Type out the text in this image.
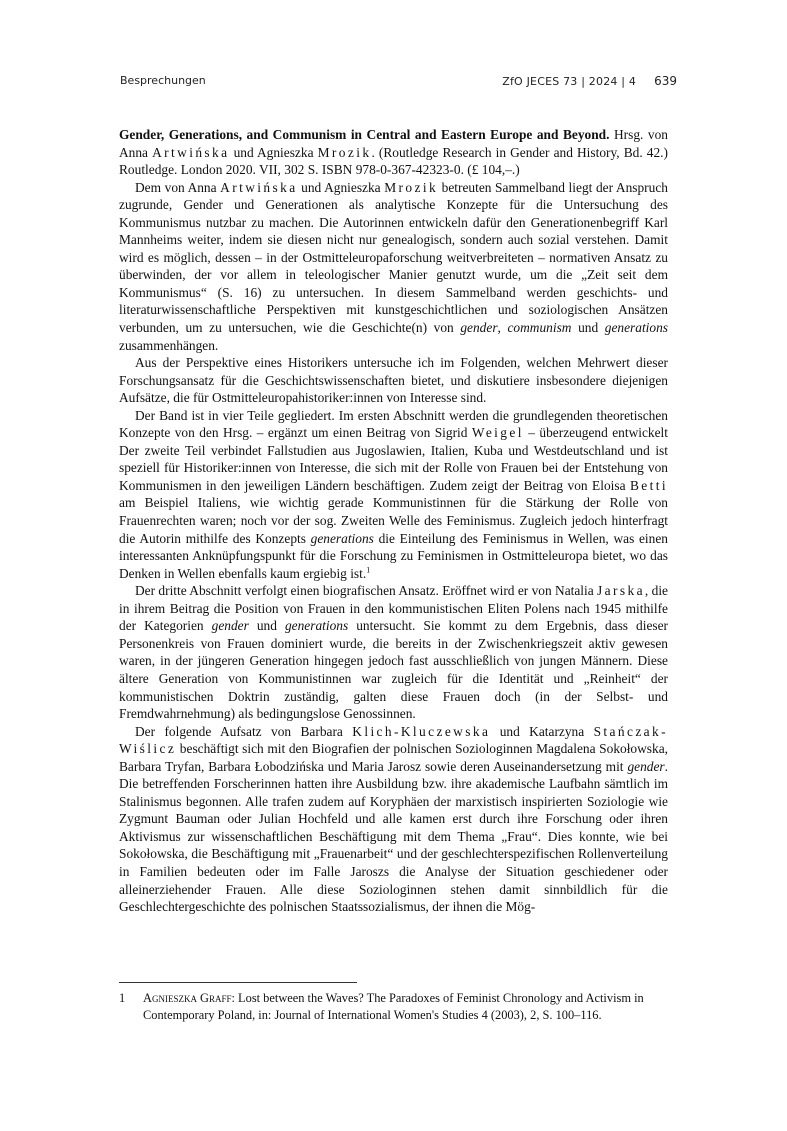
Besprechungen	ZfO JECES 73 | 2024 | 4 639

Gender, Generations, and Communism in Central and Eastern Europe and Beyond. Hrsg. von Anna Artwińska und Agnieszka Mrozik. (Routledge Research in Gender and History, Bd. 42.) Routledge. London 2020. VII, 302 S. ISBN 978-0-367-42323-0. (£ 104,–.)

Dem von Anna Artwińska und Agnieszka Mrozik betreuten Sammelband liegt der Anspruch zugrunde, Gender und Generationen als analytische Konzepte für die Untersuchung des Kommunismus nutzbar zu machen. Die Autorinnen entwickeln dafür den Generationenbegriff Karl Mannheims weiter, indem sie diesen nicht nur genealogisch, sondern auch sozial verstehen. Damit wird es möglich, dessen – in der Ostmitteleuropaforschung weitverbreiteten – normativen Ansatz zu überwinden, der vor allem in teleologischer Manier genutzt wurde, um die „Zeit seit dem Kommunismus“ (S. 16) zu untersuchen. In diesem Sammelband werden geschichts- und literaturwissenschaftliche Perspektiven mit kunstgeschichtlichen und soziologischen Ansätzen verbunden, um zu untersuchen, wie die Geschichte(n) von gender, communism und generations zusammenhängen.

Aus der Perspektive eines Historikers untersuche ich im Folgenden, welchen Mehrwert dieser Forschungsansatz für die Geschichtswissenschaften bietet, und diskutiere insbesondere diejenigen Aufsätze, die für Ostmitteleuropahistoriker:innen von Interesse sind.

Der Band ist in vier Teile gegliedert. Im ersten Abschnitt werden die grundlegenden theoretischen Konzepte von den Hrsg. – ergänzt um einen Beitrag von Sigrid Weigel – überzeugend entwickelt Der zweite Teil verbindet Fallstudien aus Jugoslawien, Italien, Kuba und Westdeutschland und ist speziell für Historiker:innen von Interesse, die sich mit der Rolle von Frauen bei der Entstehung von Kommunismen in den jeweiligen Ländern beschäftigen. Zudem zeigt der Beitrag von Eloisa Betti am Beispiel Italiens, wie wichtig gerade Kommunistinnen für die Stärkung der Rolle von Frauenrechten waren; noch vor der sog. Zweiten Welle des Feminismus. Zugleich jedoch hinterfragt die Autorin mithilfe des Konzepts generations die Einteilung des Feminismus in Wellen, was einen interessanten Anknüpfungspunkt für die Forschung zu Feminismen in Ostmitteleuropa bietet, wo das Denken in Wellen ebenfalls kaum ergiebig ist.$^1$

Der dritte Abschnitt verfolgt einen biografischen Ansatz. Eröffnet wird er von Natalia Jarska, die in ihrem Beitrag die Position von Frauen in den kommunistischen Eliten Polens nach 1945 mithilfe der Kategorien gender und generations untersucht. Sie kommt zu dem Ergebnis, dass dieser Personenkreis von Frauen dominiert wurde, die bereits in der Zwischenkriegszeit aktiv gewesen waren, in der jüngeren Generation hingegen jedoch fast ausschließlich von jungen Männern. Diese ältere Generation von Kommunistinnen war zugleich für die Identität und „Reinheit“ der kommunistischen Doktrin zuständig, galten diese Frauen doch (in der Selbst- und Fremdwahrnehmung) als bedingungslose Genossinnen.

Der folgende Aufsatz von Barbara Klich-Kluczewska und Katarzyna Stańczak-Wiślicz beschäftigt sich mit den Biografien der polnischen Soziologinnen Magdalena Sokołowska, Barbara Tryfan, Barbara Łobodzińska und Maria Jarosz sowie deren Auseinandersetzung mit gender. Die betreffenden Forscherinnen hatten ihre Ausbildung bzw. ihre akademische Laufbahn sämtlich im Stalinismus begonnen. Alle trafen zudem auf Koryphäen der marxistisch inspirierten Soziologie wie Zygmunt Bauman oder Julian Hochfeld und alle kamen erst durch ihre Forschung oder ihren Aktivismus zur wissenschaftlichen Beschäftigung mit dem Thema „Frau“. Dies konnte, wie bei Sokołowska, die Beschäftigung mit „Frauenarbeit“ und der geschlechterspezifischen Rollenverteilung in Familien bedeuten oder im Falle Jaroszs die Analyse der Situation geschiedener oder alleinerziehender Frauen. Alle diese Soziologinnen stehen damit sinnbildlich für die Geschlechtergeschichte des polnischen Staatssozialismus, der ihnen die Mög-

1	Agnieszka Graff: Lost between the Waves? The Paradoxes of Feminist Chronology and Activism in Contemporary Poland, in: Journal of International Women's Studies 4 (2003), 2, S. 100–116.
